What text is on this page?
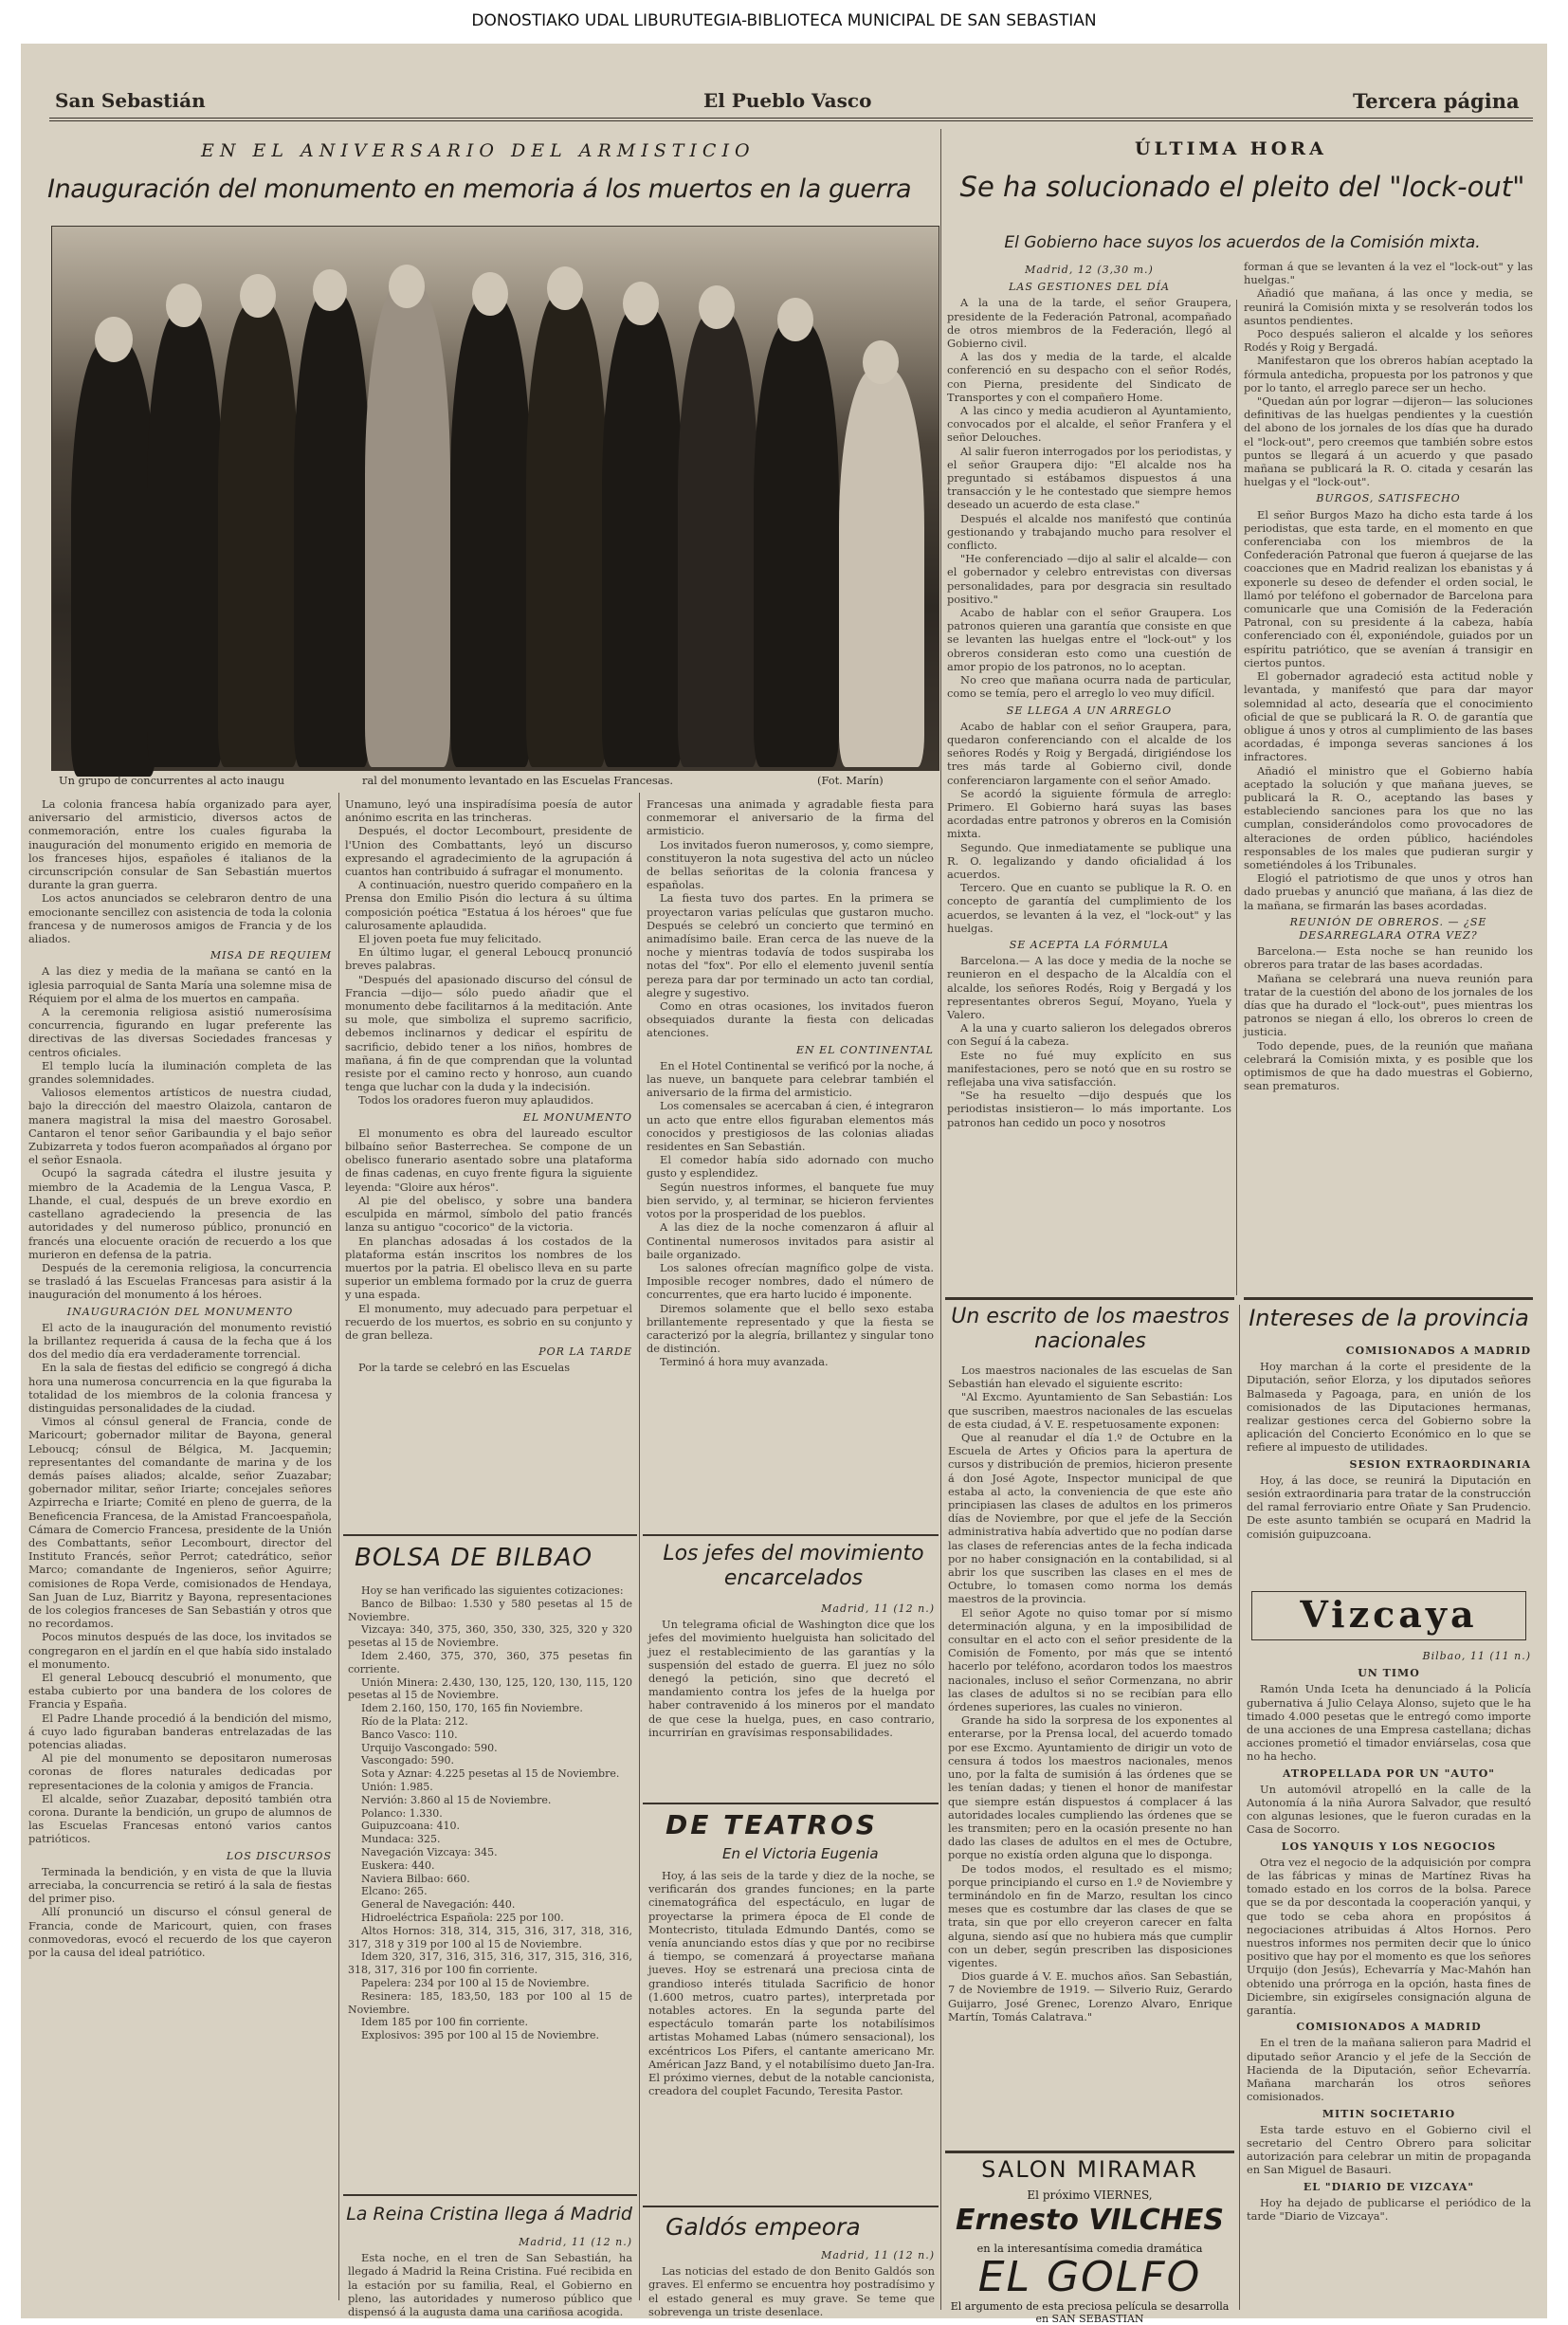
DONOSTIAKO UDAL LIBURUTEGIA-BIBLIOTECA MUNICIPAL DE SAN SEBASTIAN
San Sebastián	El Pueblo Vasco	Tercera página
EN EL ANIVERSARIO DEL ARMISTICIO
Inauguración del monumento en memoria á los muertos en la guerra
Un grupo de concurrentes al acto inaugu	ral del monumento levantado en las Escuelas Francesas.	(Fot. Marín)

La colonia francesa había organizado para ayer, aniversario del armisticio, diversos actos de conmemoración, entre los cuales figuraba la inauguración del monumento erigido en memoria de los franceses hijos, españoles é italianos de la circunscripción consular de San Sebastián muertos durante la gran guerra.

Los actos anunciados se celebraron dentro de una emocionante sencillez con asistencia de toda la colonia francesa y de numerosos amigos de Francia y de los aliados.

MISA DE REQUIEM

A las diez y media de la mañana se cantó en la iglesia parroquial de Santa María una solemne misa de Réquiem por el alma de los muertos en campaña.

A la ceremonia religiosa asistió numerosísima concurrencia, figurando en lugar preferente las directivas de las diversas Sociedades francesas y centros oficiales.

El templo lucía la iluminación completa de las grandes solemnidades.

Valiosos elementos artísticos de nuestra ciudad, bajo la dirección del maestro Olaizola, cantaron de manera magistral la misa del maestro Gorosabel. Cantaron el tenor señor Garibaundia y el bajo señor Zubizarreta y todos fueron acompañados al órgano por el señor Esnaola.

Ocupó la sagrada cátedra el ilustre jesuita y miembro de la Academia de la Lengua Vasca, P. Lhande, el cual, después de un breve exordio en castellano agradeciendo la presencia de las autoridades y del numeroso público, pronunció en francés una elocuente oración de recuerdo a los que murieron en defensa de la patria.

Después de la ceremonia religiosa, la concurrencia se trasladó á las Escuelas Francesas para asistir á la inauguración del monumento á los héroes.

INAUGURACIÓN DEL MONUMENTO

El acto de la inauguración del monumento revistió la brillantez requerida á causa de la fecha que á los dos del medio día era verdaderamente torrencial.

En la sala de fiestas del edificio se congregó á dicha hora una numerosa concurrencia en la que figuraba la totalidad de los miembros de la colonia francesa y distinguidas personalidades de la ciudad.

Vimos al cónsul general de Francia, conde de Maricourt; gobernador militar de Bayona, general Leboucq; cónsul de Bélgica, M. Jacquemin; representantes del comandante de marina y de los demás países aliados; alcalde, señor Zuazabar; gobernador militar, señor Iriarte; concejales señores Azpirrecha e Iriarte; Comité en pleno de guerra, de la Beneficencia Francesa, de la Amistad Francoespañola, Cámara de Comercio Francesa, presidente de la Unión des Combattants, señor Lecombourt, director del Instituto Francés, señor Perrot; catedrático, señor Marco; comandante de Ingenieros, señor Aguirre; comisiones de Ropa Verde, comisionados de Hendaya, San Juan de Luz, Biarritz y Bayona, representaciones de los colegios franceses de San Sebastián y otros que no recordamos.

Pocos minutos después de las doce, los invitados se congregaron en el jardín en el que había sido instalado el monumento.

El general Leboucq descubrió el monumento, que estaba cubierto por una bandera de los colores de Francia y España.

El Padre Lhande procedió á la bendición del mismo, á cuyo lado figuraban banderas entrelazadas de las potencias aliadas.

Al pie del monumento se depositaron numerosas coronas de flores naturales dedicadas por representaciones de la colonia y amigos de Francia.

El alcalde, señor Zuazabar, depositó también otra corona. Durante la bendición, un grupo de alumnos de las Escuelas Francesas entonó varios cantos patrióticos.

LOS DISCURSOS

Terminada la bendición, y en vista de que la lluvia arreciaba, la concurrencia se retiró á la sala de fiestas del primer piso.

Allí pronunció un discurso el cónsul general de Francia, conde de Maricourt, quien, con frases conmovedoras, evocó el recuerdo de los que cayeron por la causa del ideal patriótico.

Unamuno, leyó una inspiradísima poesía de autor anónimo escrita en las trincheras.

Después, el doctor Lecombourt, presidente de l'Union des Combattants, leyó un discurso expresando el agradecimiento de la agrupación á cuantos han contribuido á sufragar el monumento.

A continuación, nuestro querido compañero en la Prensa don Emilio Pisón dio lectura á su última composición poética "Estatua á los héroes" que fue calurosamente aplaudida.

El joven poeta fue muy felicitado.

En último lugar, el general Leboucq pronunció breves palabras.

"Después del apasionado discurso del cónsul de Francia —dijo— sólo puedo añadir que el monumento debe facilitarnos á la meditación. Ante su mole, que simboliza el supremo sacrificio, debemos inclinarnos y dedicar el espíritu de sacrificio, debido tener a los niños, hombres de mañana, á fin de que comprendan que la voluntad resiste por el camino recto y honroso, aun cuando tenga que luchar con la duda y la indecisión.

Todos los oradores fueron muy aplaudidos.

EL MONUMENTO

El monumento es obra del laureado escultor bilbaíno señor Basterrechea. Se compone de un obelisco funerario asentado sobre una plataforma de finas cadenas, en cuyo frente figura la siguiente leyenda: "Gloire aux héros".

Al pie del obelisco, y sobre una bandera esculpida en mármol, símbolo del patio francés lanza su antiguo "cocorico" de la victoria.

En planchas adosadas á los costados de la plataforma están inscritos los nombres de los muertos por la patria. El obelisco lleva en su parte superior un emblema formado por la cruz de guerra y una espada.

El monumento, muy adecuado para perpetuar el recuerdo de los muertos, es sobrio en su conjunto y de gran belleza.

POR LA TARDE

Por la tarde se celebró en las Escuelas

Francesas una animada y agradable fiesta para conmemorar el aniversario de la firma del armisticio.

Los invitados fueron numerosos, y, como siempre, constituyeron la nota sugestiva del acto un núcleo de bellas señoritas de la colonia francesa y españolas.

La fiesta tuvo dos partes. En la primera se proyectaron varias películas que gustaron mucho. Después se celebró un concierto que terminó en animadísimo baile. Eran cerca de las nueve de la noche y mientras todavía de todos suspiraba los notas del "fox". Por ello el elemento juvenil sentía pereza para dar por terminado un acto tan cordial, alegre y sugestivo.

Como en otras ocasiones, los invitados fueron obsequiados durante la fiesta con delicadas atenciones.

EN EL CONTINENTAL

En el Hotel Continental se verificó por la noche, á las nueve, un banquete para celebrar también el aniversario de la firma del armisticio.

Los comensales se acercaban á cien, é integraron un acto que entre ellos figuraban elementos más conocidos y prestigiosos de las colonias aliadas residentes en San Sebastián.

El comedor había sido adornado con mucho gusto y esplendidez.

Según nuestros informes, el banquete fue muy bien servido, y, al terminar, se hicieron fervientes votos por la prosperidad de los pueblos.

A las diez de la noche comenzaron á afluir al Continental numerosos invitados para asistir al baile organizado.

Los salones ofrecían magnífico golpe de vista. Imposible recoger nombres, dado el número de concurrentes, que era harto lucido é imponente.

Diremos solamente que el bello sexo estaba brillantemente representado y que la fiesta se caracterizó por la alegría, brillantez y singular tono de distinción.

Terminó á hora muy avanzada.

BOLSA DE BILBAO

Hoy se han verificado las siguientes cotizaciones:

Banco de Bilbao: 1.530 y 580 pesetas al 15 de Noviembre.

Vizcaya: 340, 375, 360, 350, 330, 325, 320 y 320 pesetas al 15 de Noviembre.

Idem 2.460, 375, 370, 360, 375 pesetas fin corriente.

Unión Minera: 2.430, 130, 125, 120, 130, 115, 120 pesetas al 15 de Noviembre.

Idem 2.160, 150, 170, 165 fin Noviembre.

Río de la Plata: 212.

Banco Vasco: 110.

Urquijo Vascongado: 590.

Vascongado: 590.

Sota y Aznar: 4.225 pesetas al 15 de Noviembre.

Unión: 1.985.

Nervión: 3.860 al 15 de Noviembre.

Polanco: 1.330.

Guipuzcoana: 410.

Mundaca: 325.

Navegación Vizcaya: 345.

Euskera: 440.

Naviera Bilbao: 660.

Elcano: 265.

General de Navegación: 440.

Hidroeléctrica Española: 225 por 100.

Altos Hornos: 318, 314, 315, 316, 317, 318, 316, 317, 318 y 319 por 100 al 15 de Noviembre.

Idem 320, 317, 316, 315, 316, 317, 315, 316, 316, 318, 317, 316 por 100 fin corriente.

Papelera: 234 por 100 al 15 de Noviembre.

Resinera: 185, 183,50, 183 por 100 al 15 de Noviembre.

Idem 185 por 100 fin corriente.

Explosivos: 395 por 100 al 15 de Noviembre.

La Reina Cristina llega á Madrid
Madrid, 11 (12 n.)

Esta noche, en el tren de San Sebastián, ha llegado á Madrid la Reina Cristina. Fué recibida en la estación por su familia, Real, el Gobierno en pleno, las autoridades y numeroso público que dispensó á la augusta dama una cariñosa acogida.

Los jefes del movimiento encarcelados
Madrid, 11 (12 n.)

Un telegrama oficial de Washington dice que los jefes del movimiento huelguista han solicitado del juez el restablecimiento de las garantías y la suspensión del estado de guerra. El juez no sólo denegó la petición, sino que decretó el mandamiento contra los jefes de la huelga por haber contravenido á los mineros por el mandato de que cese la huelga, pues, en caso contrario, incurrirían en gravísimas responsabilidades.

DE TEATROS
En el Victoria Eugenia

Hoy, á las seis de la tarde y diez de la noche, se verificarán dos grandes funciones; en la parte cinematográfica del espectáculo, en lugar de proyectarse la primera época de El conde de Montecristo, titulada Edmundo Dantés, como se venía anunciando estos días y que por no recibirse á tiempo, se comenzará á proyectarse mañana jueves. Hoy se estrenará una preciosa cinta de grandioso interés titulada Sacrificio de honor (1.600 metros, cuatro partes), interpretada por notables actores. En la segunda parte del espectáculo tomarán parte los notabilísimos artistas Mohamed Labas (número sensacional), los excéntricos Los Pifers, el cantante americano Mr. Américan Jazz Band, y el notabilísimo dueto Jan-Ira. El próximo viernes, debut de la notable cancionista, creadora del couplet Facundo, Teresita Pastor.

Galdós empeora
Madrid, 11 (12 n.)

Las noticias del estado de don Benito Galdós son graves. El enfermo se encuentra hoy postradísimo y el estado general es muy grave. Se teme que sobrevenga un triste desenlace.

ÚLTIMA HORA
Se ha solucionado el pleito del "lock-out"
El Gobierno hace suyos los acuerdos de la Comisión mixta.
Madrid, 12 (3,30 m.)
LAS GESTIONES DEL DÍA

A la una de la tarde, el señor Graupera, presidente de la Federación Patronal, acompañado de otros miembros de la Federación, llegó al Gobierno civil.

A las dos y media de la tarde, el alcalde conferenció en su despacho con el señor Rodés, con Pierna, presidente del Sindicato de Transportes y con el compañero Home.

A las cinco y media acudieron al Ayuntamiento, convocados por el alcalde, el señor Franfera y el señor Delouches.

Al salir fueron interrogados por los periodistas, y el señor Graupera dijo: "El alcalde nos ha preguntado si estábamos dispuestos á una transacción y le he contestado que siempre hemos deseado un acuerdo de esta clase."

Después el alcalde nos manifestó que continúa gestionando y trabajando mucho para resolver el conflicto.

"He conferenciado —dijo al salir el alcalde— con el gobernador y celebro entrevistas con diversas personalidades, para por desgracia sin resultado positivo."

Acabo de hablar con el señor Graupera. Los patronos quieren una garantía que consiste en que se levanten las huelgas entre el "lock-out" y los obreros consideran esto como una cuestión de amor propio de los patronos, no lo aceptan.

No creo que mañana ocurra nada de particular, como se temía, pero el arreglo lo veo muy difícil.

SE LLEGA A UN ARREGLO

Acabo de hablar con el señor Graupera, para, quedaron conferenciando con el alcalde de los señores Rodés y Roig y Bergadá, dirigiéndose los tres más tarde al Gobierno civil, donde conferenciaron largamente con el señor Amado.

Se acordó la siguiente fórmula de arreglo: Primero. El Gobierno hará suyas las bases acordadas entre patronos y obreros en la Comisión mixta.

Segundo. Que inmediatamente se publique una R. O. legalizando y dando oficialidad á los acuerdos.

Tercero. Que en cuanto se publique la R. O. en concepto de garantía del cumplimiento de los acuerdos, se levanten á la vez, el "lock-out" y las huelgas.

SE ACEPTA LA FÓRMULA

Barcelona.— A las doce y media de la noche se reunieron en el despacho de la Alcaldía con el alcalde, los señores Rodés, Roig y Bergadá y los representantes obreros Seguí, Moyano, Yuela y Valero.

A la una y cuarto salieron los delegados obreros con Seguí á la cabeza.

Este no fué muy explícito en sus manifestaciones, pero se notó que en su rostro se reflejaba una viva satisfacción.

"Se ha resuelto —dijo después que los periodistas insistieron— lo más importante. Los patronos han cedido un poco y nosotros

forman á que se levanten á la vez el "lock-out" y las huelgas."

Añadió que mañana, á las once y media, se reunirá la Comisión mixta y se resolverán todos los asuntos pendientes.

Poco después salieron el alcalde y los señores Rodés y Roig y Bergadá.

Manifestaron que los obreros habían aceptado la fórmula antedicha, propuesta por los patronos y que por lo tanto, el arreglo parece ser un hecho.

"Quedan aún por lograr —dijeron— las soluciones definitivas de las huelgas pendientes y la cuestión del abono de los jornales de los días que ha durado el "lock-out", pero creemos que también sobre estos puntos se llegará á un acuerdo y que pasado mañana se publicará la R. O. citada y cesarán las huelgas y el "lock-out".

BURGOS, SATISFECHO

El señor Burgos Mazo ha dicho esta tarde á los periodistas, que esta tarde, en el momento en que conferenciaba con los miembros de la Confederación Patronal que fueron á quejarse de las coacciones que en Madrid realizan los ebanistas y á exponerle su deseo de defender el orden social, le llamó por teléfono el gobernador de Barcelona para comunicarle que una Comisión de la Federación Patronal, con su presidente á la cabeza, había conferenciado con él, exponiéndole, guiados por un espíritu patriótico, que se avenían á transigir en ciertos puntos.

El gobernador agradeció esta actitud noble y levantada, y manifestó que para dar mayor solemnidad al acto, desearía que el conocimiento oficial de que se publicará la R. O. de garantía que obligue á unos y otros al cumplimiento de las bases acordadas, é imponga severas sanciones á los infractores.

Añadió el ministro que el Gobierno había aceptado la solución y que mañana jueves, se publicará la R. O., aceptando las bases y estableciendo sanciones para los que no las cumplan, considerándolos como provocadores de alteraciones de orden público, haciéndoles responsables de los males que pudieran surgir y sometiéndoles á los Tribunales.

Elogió el patriotismo de que unos y otros han dado pruebas y anunció que mañana, á las diez de la mañana, se firmarán las bases acordadas.

REUNIÓN DE OBREROS. — ¿SE DESARREGLARA OTRA VEZ?

Barcelona.— Esta noche se han reunido los obreros para tratar de las bases acordadas.

Mañana se celebrará una nueva reunión para tratar de la cuestión del abono de los jornales de los días que ha durado el "lock-out", pues mientras los patronos se niegan á ello, los obreros lo creen de justicia.

Todo depende, pues, de la reunión que mañana celebrará la Comisión mixta, y es posible que los optimismos de que ha dado muestras el Gobierno, sean prematuros.

Un escrito de los maestros nacionales

Los maestros nacionales de las escuelas de San Sebastián han elevado el siguiente escrito:

"Al Excmo. Ayuntamiento de San Sebastián: Los que suscriben, maestros nacionales de las escuelas de esta ciudad, á V. E. respetuosamente exponen:

Que al reanudar el día 1.º de Octubre en la Escuela de Artes y Oficios para la apertura de cursos y distribución de premios, hicieron presente á don José Agote, Inspector municipal de que estaba al acto, la conveniencia de que este año principiasen las clases de adultos en los primeros días de Noviembre, por que el jefe de la Sección administrativa había advertido que no podían darse las clases de referencias antes de la fecha indicada por no haber consignación en la contabilidad, si al abrir los que suscriben las clases en el mes de Octubre, lo tomasen como norma los demás maestros de la provincia.

El señor Agote no quiso tomar por sí mismo determinación alguna, y en la imposibilidad de consultar en el acto con el señor presidente de la Comisión de Fomento, por más que se intentó hacerlo por teléfono, acordaron todos los maestros nacionales, incluso el señor Cormenzana, no abrir las clases de adultos si no se recibían para ello órdenes superiores, las cuales no vinieron.

Grande ha sido la sorpresa de los exponentes al enterarse, por la Prensa local, del acuerdo tomado por ese Excmo. Ayuntamiento de dirigir un voto de censura á todos los maestros nacionales, menos uno, por la falta de sumisión á las órdenes que se les tenían dadas; y tienen el honor de manifestar que siempre están dispuestos á complacer á las autoridades locales cumpliendo las órdenes que se les transmiten; pero en la ocasión presente no han dado las clases de adultos en el mes de Octubre, porque no existía orden alguna que lo disponga.

De todos modos, el resultado es el mismo; porque principiando el curso en 1.º de Noviembre y terminándolo en fin de Marzo, resultan los cinco meses que es costumbre dar las clases de que se trata, sin que por ello creyeron carecer en falta alguna, siendo así que no hubiera más que cumplir con un deber, según prescriben las disposiciones vigentes.

Dios guarde á V. E. muchos años. San Sebastián, 7 de Noviembre de 1919. — Silverio Ruiz, Gerardo Guijarro, José Grenec, Lorenzo Alvaro, Enrique Martín, Tomás Calatrava."

SALON MIRAMAR
El próximo VIERNES,
Ernesto VILCHES
en la interesantísima comedia dramática
EL GOLFO
El argumento de esta preciosa película se desarrolla en SAN SEBASTIAN
Intereses de la provincia
COMISIONADOS A MADRID

Hoy marchan á la corte el presidente de la Diputación, señor Elorza, y los diputados señores Balmaseda y Pagoaga, para, en unión de los comisionados de las Diputaciones hermanas, realizar gestiones cerca del Gobierno sobre la aplicación del Concierto Económico en lo que se refiere al impuesto de utilidades.

SESION EXTRAORDINARIA

Hoy, á las doce, se reunirá la Diputación en sesión extraordinaria para tratar de la construcción del ramal ferroviario entre Oñate y San Prudencio. De este asunto también se ocupará en Madrid la comisión guipuzcoana.

Vizcaya
Bilbao, 11 (11 n.)
UN TIMO

Ramón Unda Iceta ha denunciado á la Policía gubernativa á Julio Celaya Alonso, sujeto que le ha timado 4.000 pesetas que le entregó como importe de una acciones de una Empresa castellana; dichas acciones prometió el timador enviárselas, cosa que no ha hecho.

ATROPELLADA POR UN "AUTO"

Un automóvil atropelló en la calle de la Autonomía á la niña Aurora Salvador, que resultó con algunas lesiones, que le fueron curadas en la Casa de Socorro.

LOS YANQUIS Y LOS NEGOCIOS

Otra vez el negocio de la adquisición por compra de las fábricas y minas de Martínez Rivas ha tomado estado en los corros de la bolsa. Parece que se da por descontada la cooperación yanqui, y que todo se ceba ahora en propósitos á negociaciones atribuidas á Altos Hornos. Pero nuestros informes nos permiten decir que lo único positivo que hay por el momento es que los señores Urquijo (don Jesús), Echevarría y Mac-Mahón han obtenido una prórroga en la opción, hasta fines de Diciembre, sin exigírseles consignación alguna de garantía.

COMISIONADOS A MADRID

En el tren de la mañana salieron para Madrid el diputado señor Arancio y el jefe de la Sección de Hacienda de la Diputación, señor Echevarría. Mañana marcharán los otros señores comisionados.

MITIN SOCIETARIO

Esta tarde estuvo en el Gobierno civil el secretario del Centro Obrero para solicitar autorización para celebrar un mitin de propaganda en San Miguel de Basauri.

EL "DIARIO DE VIZCAYA"

Hoy ha dejado de publicarse el periódico de la tarde "Diario de Vizcaya".
